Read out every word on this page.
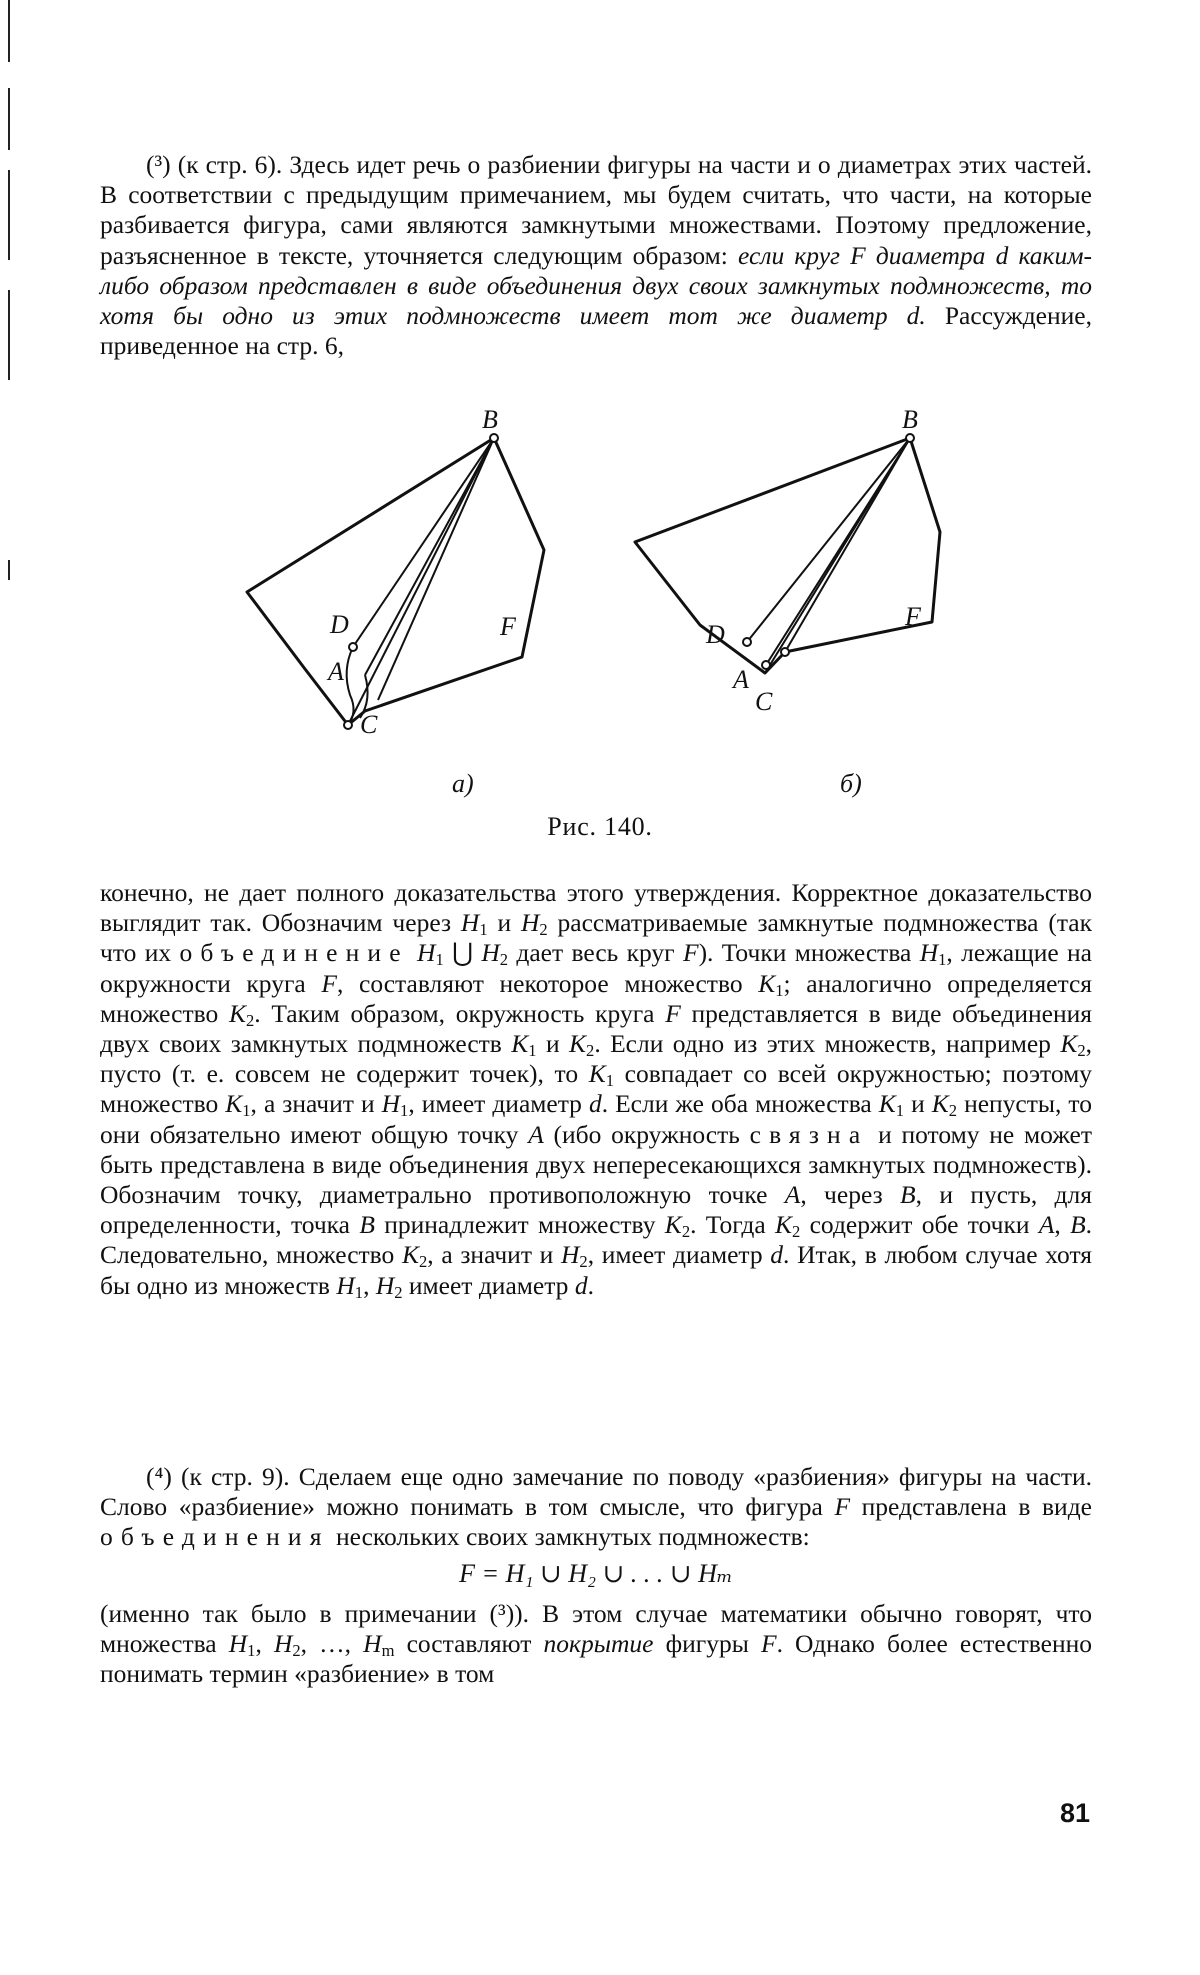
(³) (к стр. 6). Здесь идет речь о разбиении фигуры на части и о диаметрах этих частей. В соответствии с предыдущим примечанием, мы будем считать, что части, на которые разбивается фигура, сами являются замкнутыми множествами. Поэтому предложение, разъясненное в тексте, уточняется следующим образом: если круг F диаметра d каким-либо образом представлен в виде объединения двух своих замкнутых подмножеств, то хотя бы одно из этих подмножеств имеет тот же диаметр d. Рассуждение, приведенное на стр. 6,

B
D
A
C
F
а)
B
D
A
C
F
б)
Рис. 140.

конечно, не дает полного доказательства этого утверждения. Корректное доказательство выглядит так. Обозначим через $H_1$ и $H_2$ рассматриваемые замкнутые подмножества (так что их объединение $H_1$ ⋃ $H_2$ дает весь круг F). Точки множества $H_1$, лежащие на окружности круга F, составляют некоторое множество $K_1$; аналогично определяется множество $K_2$. Таким образом, окружность круга F представляется в виде объединения двух своих замкнутых подмножеств $K_1$ и $K_2$. Если одно из этих множеств, например $K_2$, пусто (т. е. совсем не содержит точек), то $K_1$ совпадает со всей окружностью; поэтому множество $K_1$, а значит и $H_1$, имеет диаметр d. Если же оба множества $K_1$ и $K_2$ непусты, то они обязательно имеют общую точку A (ибо окружность связна и потому не может быть представлена в виде объединения двух непересекающихся замкнутых подмножеств). Обозначим точку, диаметрально противоположную точке A, через B, и пусть, для определенности, точка B принадлежит множеству $K_2$. Тогда $K_2$ содержит обе точки A, B. Следовательно, множество $K_2$, а значит и $H_2$, имеет диаметр d. Итак, в любом случае хотя бы одно из множеств $H_1$, $H_2$ имеет диаметр d.

(⁴) (к стр. 9). Сделаем еще одно замечание по поводу «разбиения» фигуры на части. Слово «разбиение» можно понимать в том смысле, что фигура F представлена в виде объединения нескольких своих замкнутых подмножеств:

F = H₁ ∪ H₂ ∪ . . . ∪ Hₘ

(именно так было в примечании (³)). В этом случае математики обычно говорят, что множества $H_1$, $H_2$, …, $H_m$ составляют покрытие фигуры F. Однако более естественно понимать термин «разбиение» в том

81
